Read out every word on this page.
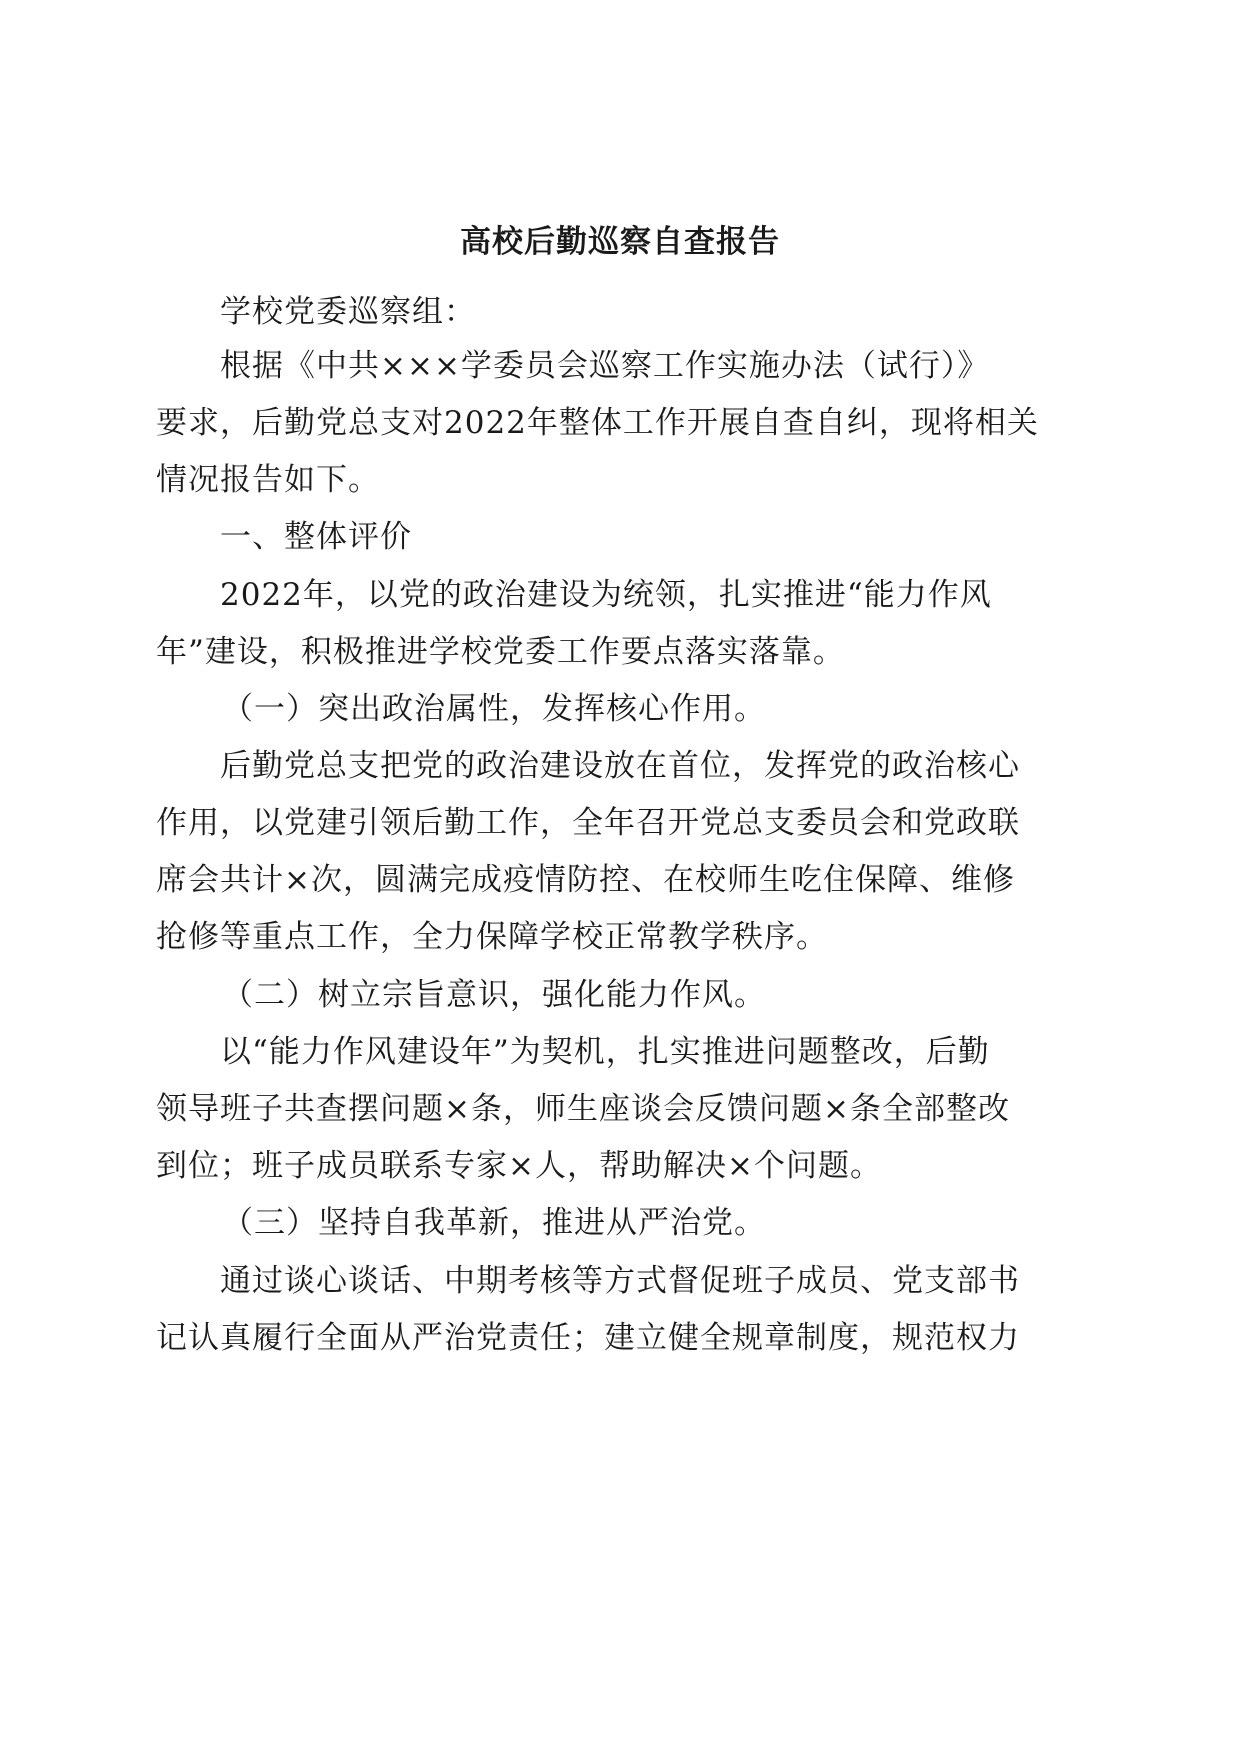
高校后勤巡察自查报告

学校党委巡察组：

根据《中共×××学委员会巡察工作实施办法（试行）》

要求，后勤党总支对2022年整体工作开展自查自纠，现将相关

情况报告如下。

一、整体评价

2022年，以党的政治建设为统领，扎实推进“能力作风

年”建设，积极推进学校党委工作要点落实落靠。

（一）突出政治属性，发挥核心作用。

后勤党总支把党的政治建设放在首位，发挥党的政治核心

作用，以党建引领后勤工作，全年召开党总支委员会和党政联

席会共计×次，圆满完成疫情防控、在校师生吃住保障、维修

抢修等重点工作，全力保障学校正常教学秩序。

（二）树立宗旨意识，强化能力作风。

以“能力作风建设年”为契机，扎实推进问题整改，后勤

领导班子共查摆问题×条，师生座谈会反馈问题×条全部整改

到位；班子成员联系专家×人，帮助解决×个问题。

（三）坚持自我革新，推进从严治党。

通过谈心谈话、中期考核等方式督促班子成员、党支部书

记认真履行全面从严治党责任；建立健全规章制度，规范权力
